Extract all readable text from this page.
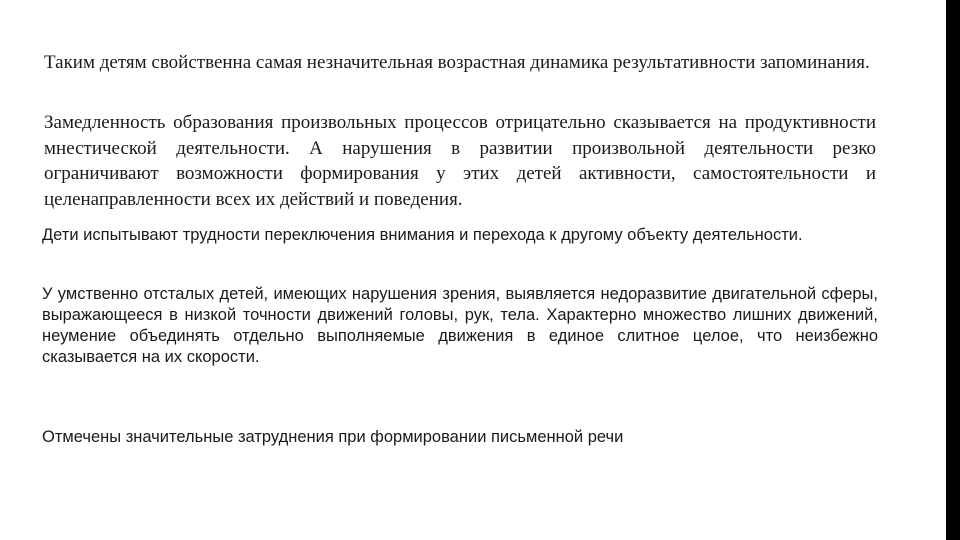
Таким детям свойственна самая незначительная возрастная динамика результативности запоминания.

Замедленность образования произвольных процессов отрицательно сказывается на продуктивности мнестической деятельности. А нарушения в развитии произвольной деятельности резко ограничивают возможности формирования у этих детей активности, самостоятельности и целенаправленности всех их действий и поведения.

Дети испытывают трудности переключения внимания и перехода к другому объекту деятельности.

У умственно отсталых детей, имеющих нарушения зрения, выявляется недоразвитие двигательной сферы, выражающееся в низкой точности движений головы, рук, тела. Характерно множество лишних движений, неумение объединять отдельно выполняемые движения в единое слитное целое, что неизбежно сказывается на их скорости.

Отмечены значительные затруднения при формировании письменной речи
